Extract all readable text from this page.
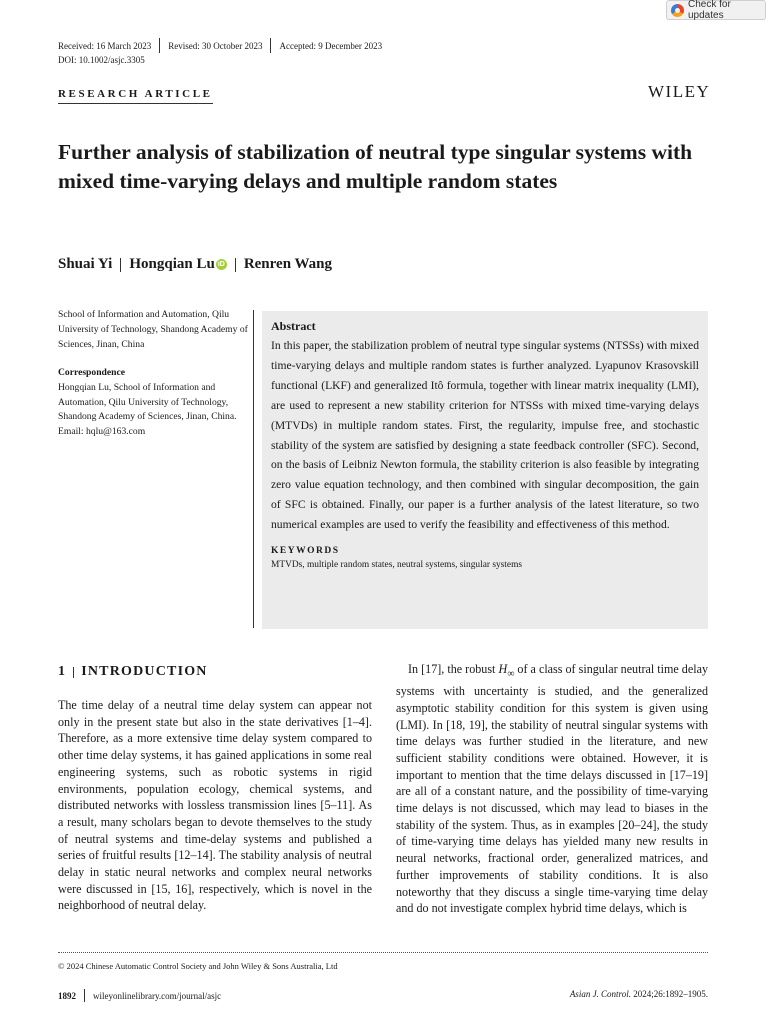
Check for updates
Received: 16 March 2023 Revised: 30 October 2023 Accepted: 9 December 2023
DOI: 10.1002/asjc.3305
RESEARCH ARTICLE	WILEY
Further analysis of stabilization of neutral type singular systems with mixed time-varying delays and multiple random states
Shuai Yi Hongqian Lu iD Renren Wang
School of Information and Automation, Qilu University of Technology, Shandong Academy of Sciences, Jinan, China
Correspondence
Hongqian Lu, School of Information and Automation, Qilu University of Technology, Shandong Academy of Sciences, Jinan, China.
Email: hqlu@163.com
Abstract
In this paper, the stabilization problem of neutral type singular systems (NTSSs) with mixed time-varying delays and multiple random states is further analyzed. Lyapunov Krasovskill functional (LKF) and generalized Itô formula, together with linear matrix inequality (LMI), are used to represent a new stability criterion for NTSSs with mixed time-varying delays (MTVDs) in multiple random states. First, the regularity, impulse free, and stochastic stability of the system are satisfied by designing a state feedback controller (SFC). Second, on the basis of Leibniz Newton formula, the stability criterion is also feasible by integrating zero value equation technology, and then combined with singular decomposition, the gain of SFC is obtained. Finally, our paper is a further analysis of the latest literature, so two numerical examples are used to verify the feasibility and effectiveness of this method.
KEYWORDS
MTVDs, multiple random states, neutral systems, singular systems
1 INTRODUCTION
The time delay of a neutral time delay system can appear not only in the present state but also in the state derivatives [1–4]. Therefore, as a more extensive time delay system compared to other time delay systems, it has gained applications in some real engineering systems, such as robotic systems in rigid environments, population ecology, chemical systems, and distributed networks with lossless transmission lines [5–11]. As a result, many scholars began to devote themselves to the study of neutral systems and time-delay systems and published a series of fruitful results [12–14]. The stability analysis of neutral delay in static neural networks and complex neural networks were discussed in [15, 16], respectively, which is novel in the neighborhood of neutral delay.
In [17], the robust $H_\infty$ of a class of singular neutral time delay systems with uncertainty is studied, and the generalized asymptotic stability condition for this system is given using (LMI). In [18, 19], the stability of neutral singular systems with time delays was further studied in the literature, and new sufficient stability conditions were obtained. However, it is important to mention that the time delays discussed in [17–19] are all of a constant nature, and the possibility of time-varying time delays is not discussed, which may lead to biases in the stability of the system. Thus, as in examples [20–24], the study of time-varying time delays has yielded many new results in neural networks, fractional order, generalized matrices, and further improvements of stability conditions. It is also noteworthy that they discuss a single time-varying time delay and do not investigate complex hybrid time delays, which is
© 2024 Chinese Automatic Control Society and John Wiley & Sons Australia, Ltd
1892 wileyonlinelibrary.com/journal/asjc	Asian J. Control. 2024;26:1892–1905.
